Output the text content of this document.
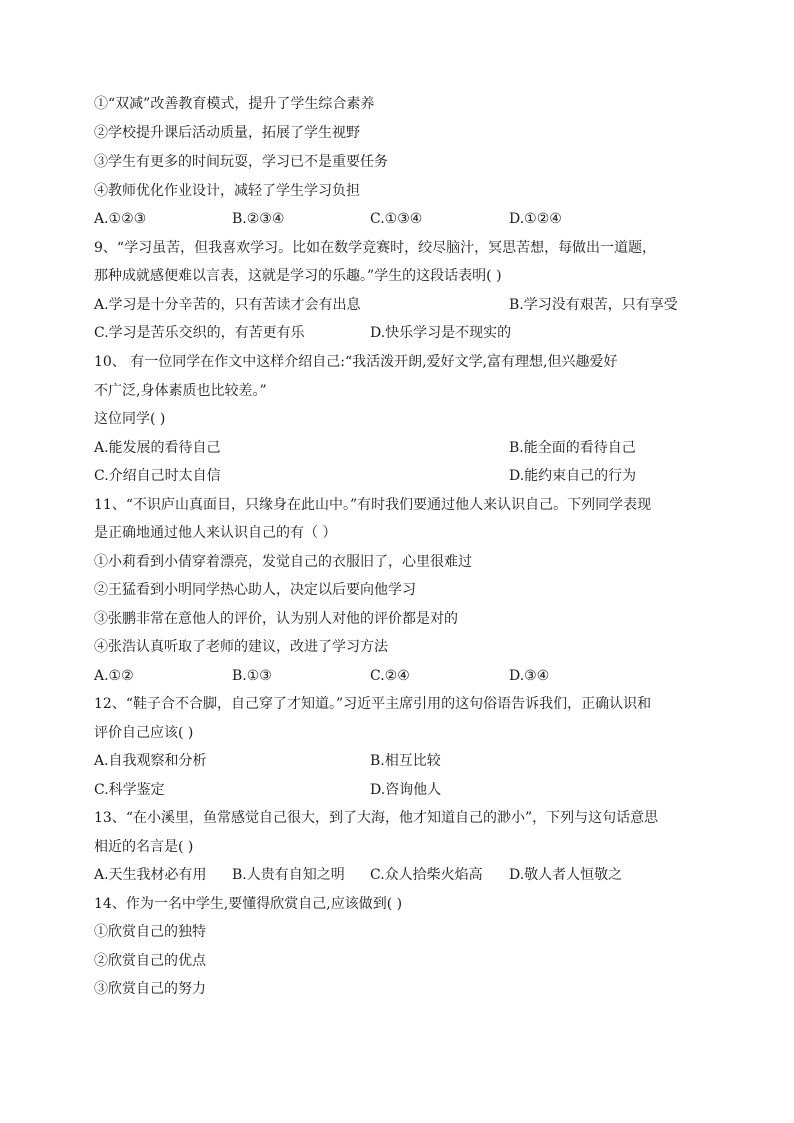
①“双减”改善教育模式，提升了学生综合素养
②学校提升课后活动质量，拓展了学生视野
③学生有更多的时间玩耍，学习已不是重要任务
④教师优化作业设计，减轻了学生学习负担
A.①②③	B.②③④	C.①③④	D.①②④
9、“学习虽苦，但我喜欢学习。比如在数学竞赛时，绞尽脑汁，冥思苦想，每做出一道题，
那种成就感便难以言表，这就是学习的乐趣。”学生的这段话表明( )
A.学习是十分辛苦的，只有苦读才会有出息	B.学习没有艰苦，只有享受
C.学习是苦乐交织的，有苦更有乐	D.快乐学习是不现实的
10、 有一位同学在作文中这样介绍自己:“我活泼开朗,爱好文学,富有理想,但兴趣爱好
不广泛,身体素质也比较差。”
这位同学( )
A.能发展的看待自己	B.能全面的看待自己
C.介绍自己时太自信	D.能约束自己的行为
11、“不识庐山真面目，只缘身在此山中。”有时我们要通过他人来认识自己。下列同学表现
是正确地通过他人来认识自己的有（ ）
①小莉看到小倩穿着漂亮，发觉自己的衣服旧了，心里很难过
②王猛看到小明同学热心助人，决定以后要向他学习
③张鹏非常在意他人的评价，认为别人对他的评价都是对的
④张浩认真听取了老师的建议，改进了学习方法
A.①②	B.①③	C.②④	D.③④
12、“鞋子合不合脚，自己穿了才知道。”习近平主席引用的这句俗语告诉我们，正确认识和
评价自己应该( )
A.自我观察和分析	B.相互比较
C.科学鉴定	D.咨询他人
13、“在小溪里，鱼常感觉自己很大，到了大海，他才知道自己的渺小”，下列与这句话意思
相近的名言是( )
A.天生我材必有用 B.人贵有自知之明 C.众人拾柴火焰高 D.敬人者人恒敬之
14、作为一名中学生,要懂得欣赏自己,应该做到( )
①欣赏自己的独特
②欣赏自己的优点
③欣赏自己的努力
